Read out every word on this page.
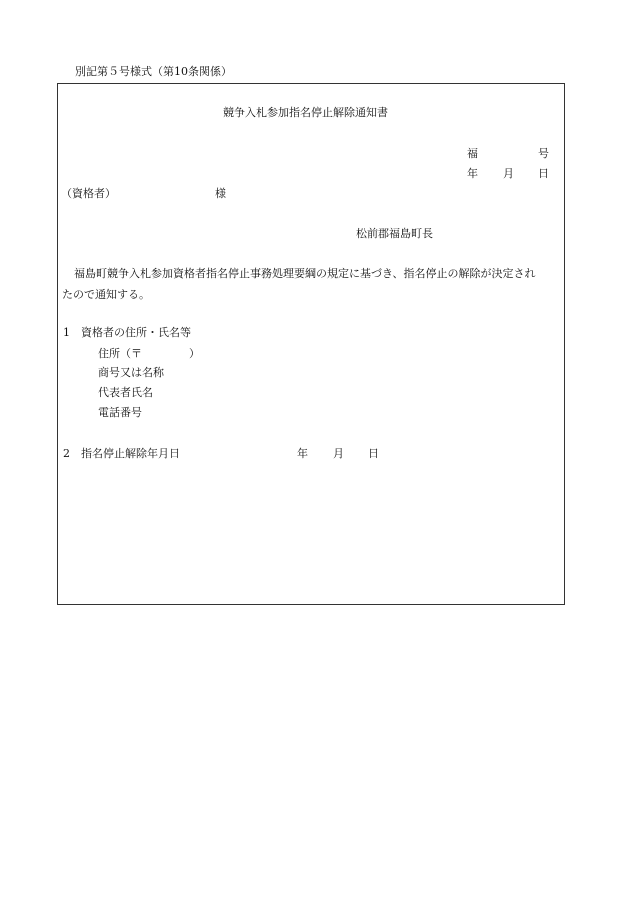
別記第５号様式（第10条関係）
競争入札参加指名停止解除通知書
福	号
年 月 日
（資格者）	様
松前郡福島町長
福島町競争入札参加資格者指名停止事務処理要綱の規定に基づき、指名停止の解除が決定され
たので通知する。
1 資格者の住所・氏名等
住所（〒	）
商号又は名称
代表者氏名
電話番号
2 指名停止解除年月日	年 月 日
